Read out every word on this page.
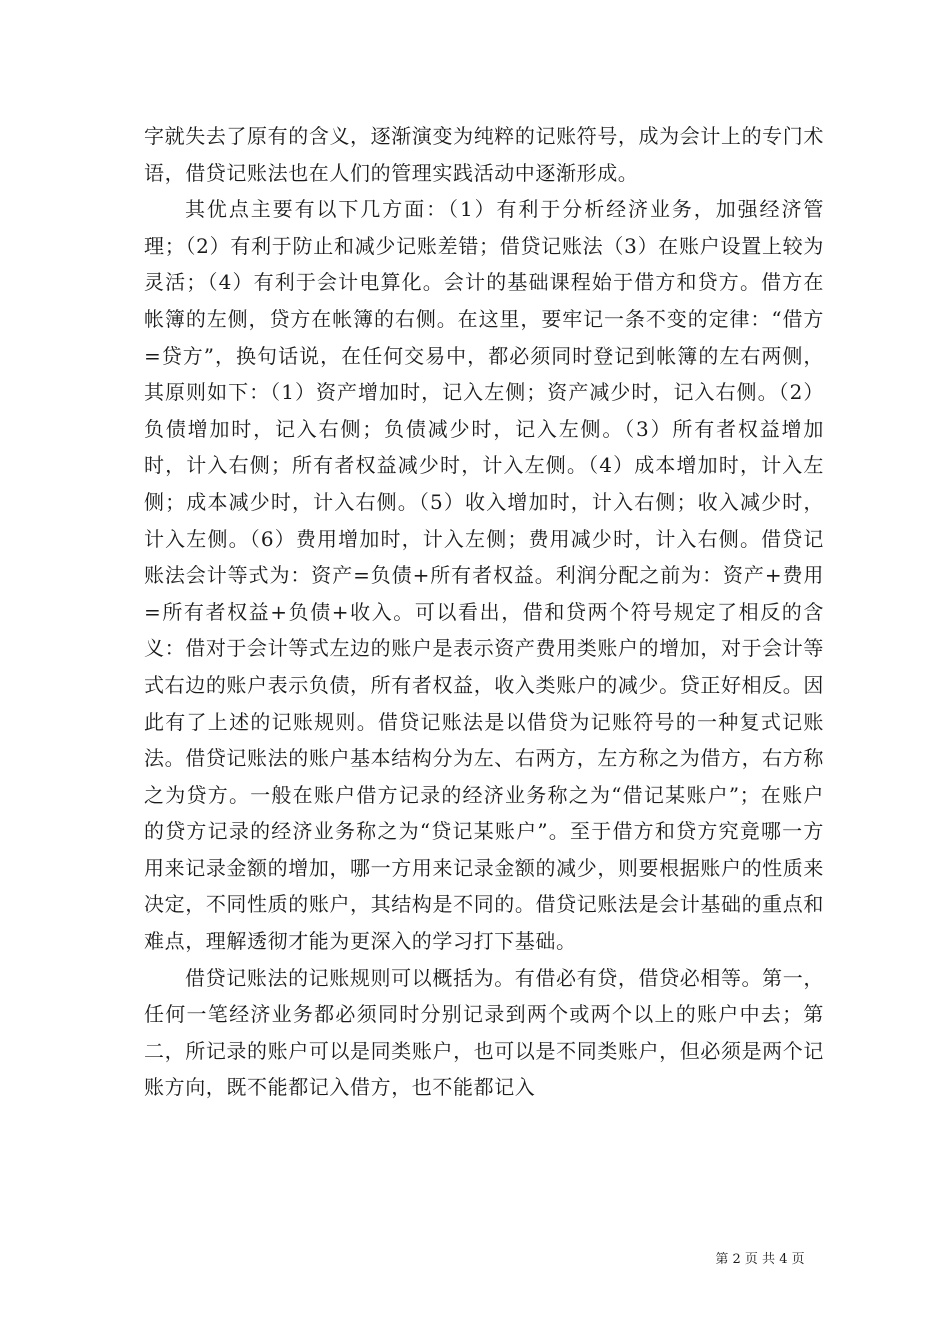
字就失去了原有的含义，逐渐演变为纯粹的记账符号，成为会计上的专门术语，借贷记账法也在人们的管理实践活动中逐渐形成。

其优点主要有以下几方面：（1）有利于分析经济业务，加强经济管理；（2）有利于防止和减少记账差错；借贷记账法（3）在账户设置上较为灵活；（4）有利于会计电算化。会计的基础课程始于借方和贷方。借方在帐簿的左侧，贷方在帐簿的右侧。在这里，要牢记一条不变的定律：“借方=贷方”，换句话说，在任何交易中，都必须同时登记到帐簿的左右两侧，其原则如下：（1）资产增加时，记入左侧；资产减少时，记入右侧。（2）负债增加时，记入右侧；负债减少时，记入左侧。（3）所有者权益增加时，计入右侧；所有者权益减少时，计入左侧。（4）成本增加时，计入左侧；成本减少时，计入右侧。（5）收入增加时，计入右侧；收入减少时，计入左侧。（6）费用增加时，计入左侧；费用减少时，计入右侧。借贷记账法会计等式为：资产=负债+所有者权益。利润分配之前为：资产+费用=所有者权益+负债+收入。可以看出，借和贷两个符号规定了相反的含义：借对于会计等式左边的账户是表示资产费用类账户的增加，对于会计等式右边的账户表示负债，所有者权益，收入类账户的减少。贷正好相反。因此有了上述的记账规则。借贷记账法是以借贷为记账符号的一种复式记账法。借贷记账法的账户基本结构分为左、右两方，左方称之为借方，右方称之为贷方。一般在账户借方记录的经济业务称之为“借记某账户”；在账户的贷方记录的经济业务称之为“贷记某账户”。至于借方和贷方究竟哪一方用来记录金额的增加，哪一方用来记录金额的减少，则要根据账户的性质来决定，不同性质的账户，其结构是不同的。借贷记账法是会计基础的重点和难点，理解透彻才能为更深入的学习打下基础。

借贷记账法的记账规则可以概括为。有借必有贷，借贷必相等。第一，任何一笔经济业务都必须同时分别记录到两个或两个以上的账户中去；第二，所记录的账户可以是同类账户，也可以是不同类账户，但必须是两个记账方向，既不能都记入借方，也不能都记入

第 2 页 共 4 页
